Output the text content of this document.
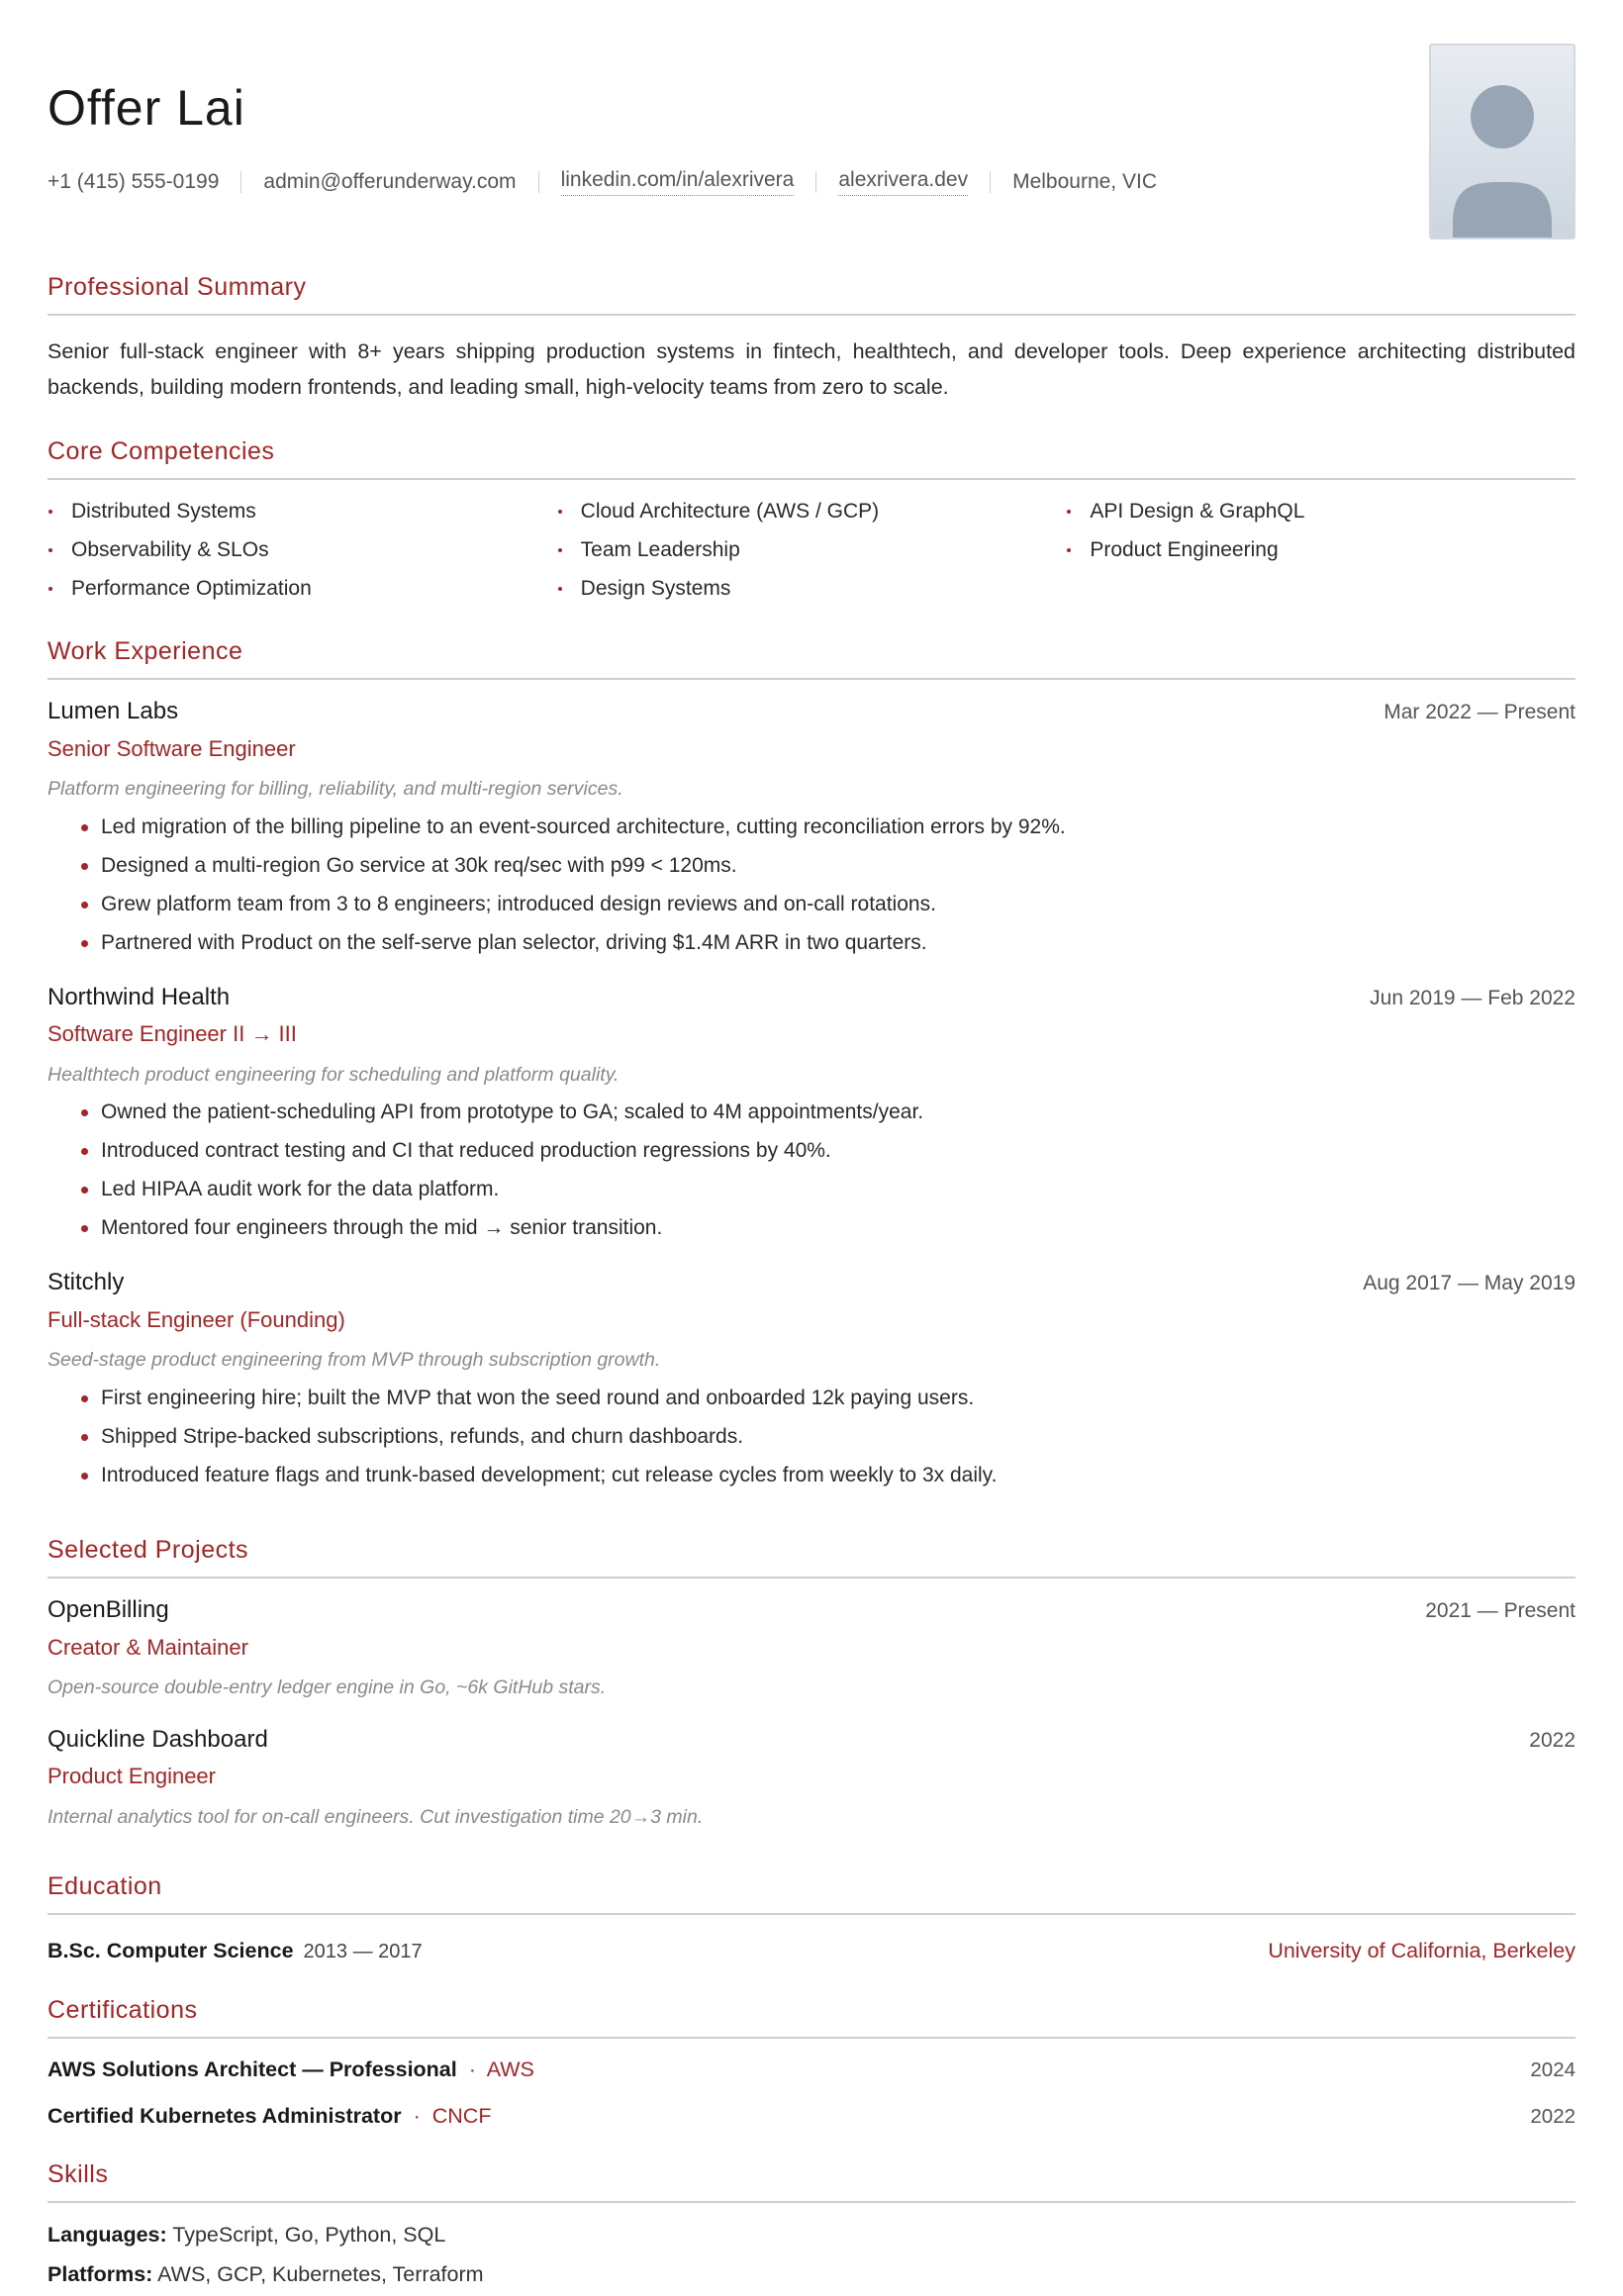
Offer Lai
+1 (415) 555-0199 admin@offerunderway.com linkedin.com/in/alexrivera alexrivera.dev Melbourne, VIC
Professional Summary
Senior full-stack engineer with 8+ years shipping production systems in fintech, healthtech, and developer tools. Deep experience architecting distributed backends, building modern frontends, and leading small, high-velocity teams from zero to scale.
Core Competencies
Distributed Systems	Cloud Architecture (AWS / GCP)	API Design & GraphQL
Observability & SLOs	Team Leadership	Product Engineering
Performance Optimization	Design Systems
Work Experience
Lumen Labs	Mar 2022 — Present
Senior Software Engineer
Platform engineering for billing, reliability, and multi-region services.
Led migration of the billing pipeline to an event-sourced architecture, cutting reconciliation errors by 92%.
Designed a multi-region Go service at 30k req/sec with p99 < 120ms.
Grew platform team from 3 to 8 engineers; introduced design reviews and on-call rotations.
Partnered with Product on the self-serve plan selector, driving $1.4M ARR in two quarters.
Northwind Health	Jun 2019 — Feb 2022
Software Engineer II → III
Healthtech product engineering for scheduling and platform quality.
Owned the patient-scheduling API from prototype to GA; scaled to 4M appointments/year.
Introduced contract testing and CI that reduced production regressions by 40%.
Led HIPAA audit work for the data platform.
Mentored four engineers through the mid → senior transition.
Stitchly	Aug 2017 — May 2019
Full-stack Engineer (Founding)
Seed-stage product engineering from MVP through subscription growth.
First engineering hire; built the MVP that won the seed round and onboarded 12k paying users.
Shipped Stripe-backed subscriptions, refunds, and churn dashboards.
Introduced feature flags and trunk-based development; cut release cycles from weekly to 3x daily.
Selected Projects
OpenBilling	2021 — Present
Creator & Maintainer
Open-source double-entry ledger engine in Go, ~6k GitHub stars.
Quickline Dashboard	2022
Product Engineer
Internal analytics tool for on-call engineers. Cut investigation time 20→3 min.
Education
B.Sc. Computer Science 2013 — 2017	University of California, Berkeley
Certifications
AWS Solutions Architect — Professional · AWS	2024
Certified Kubernetes Administrator · CNCF	2022
Skills
Languages: TypeScript, Go, Python, SQL
Platforms: AWS, GCP, Kubernetes, Terraform
